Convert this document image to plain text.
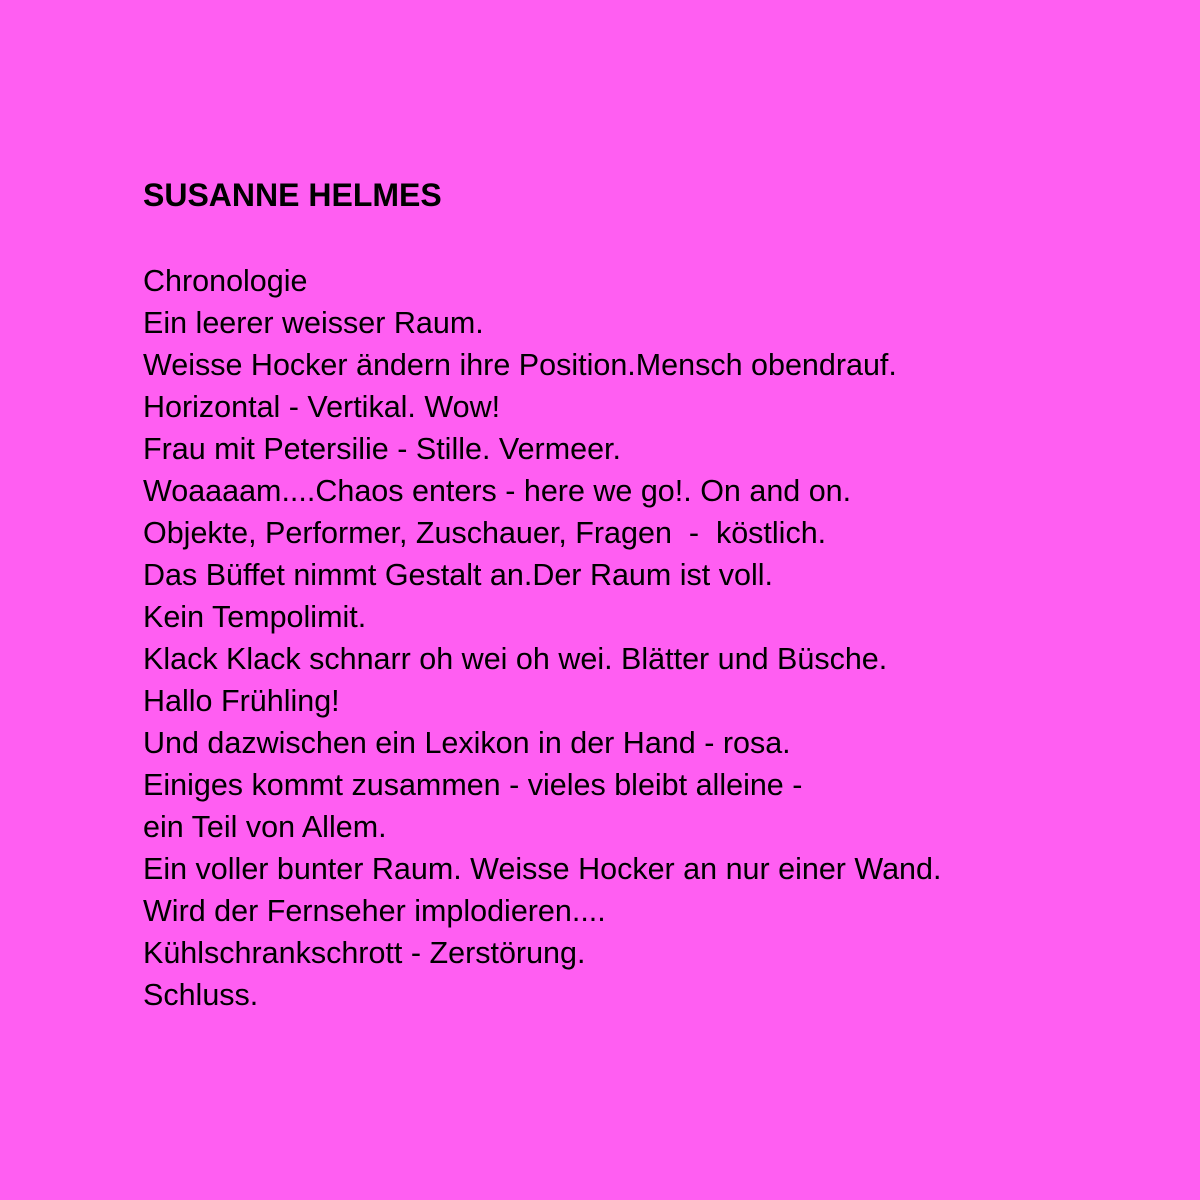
SUSANNE HELMES
Chronologie
Ein leerer weisser Raum.
Weisse Hocker ändern ihre Position.Mensch obendrauf.
Horizontal - Vertikal. Wow!
Frau mit Petersilie - Stille. Vermeer.
Woaaaam....Chaos enters - here we go!. On and on.
Objekte, Performer, Zuschauer, Fragen  -  köstlich.
Das Büffet nimmt Gestalt an.Der Raum ist voll.
Kein Tempolimit.
Klack Klack schnarr oh wei oh wei. Blätter und Büsche.
Hallo Frühling!
Und dazwischen ein Lexikon in der Hand - rosa.
Einiges kommt zusammen - vieles bleibt alleine -
ein Teil von Allem.
Ein voller bunter Raum. Weisse Hocker an nur einer Wand.
Wird der Fernseher implodieren....
Kühlschrankschrott - Zerstörung.
Schluss.
